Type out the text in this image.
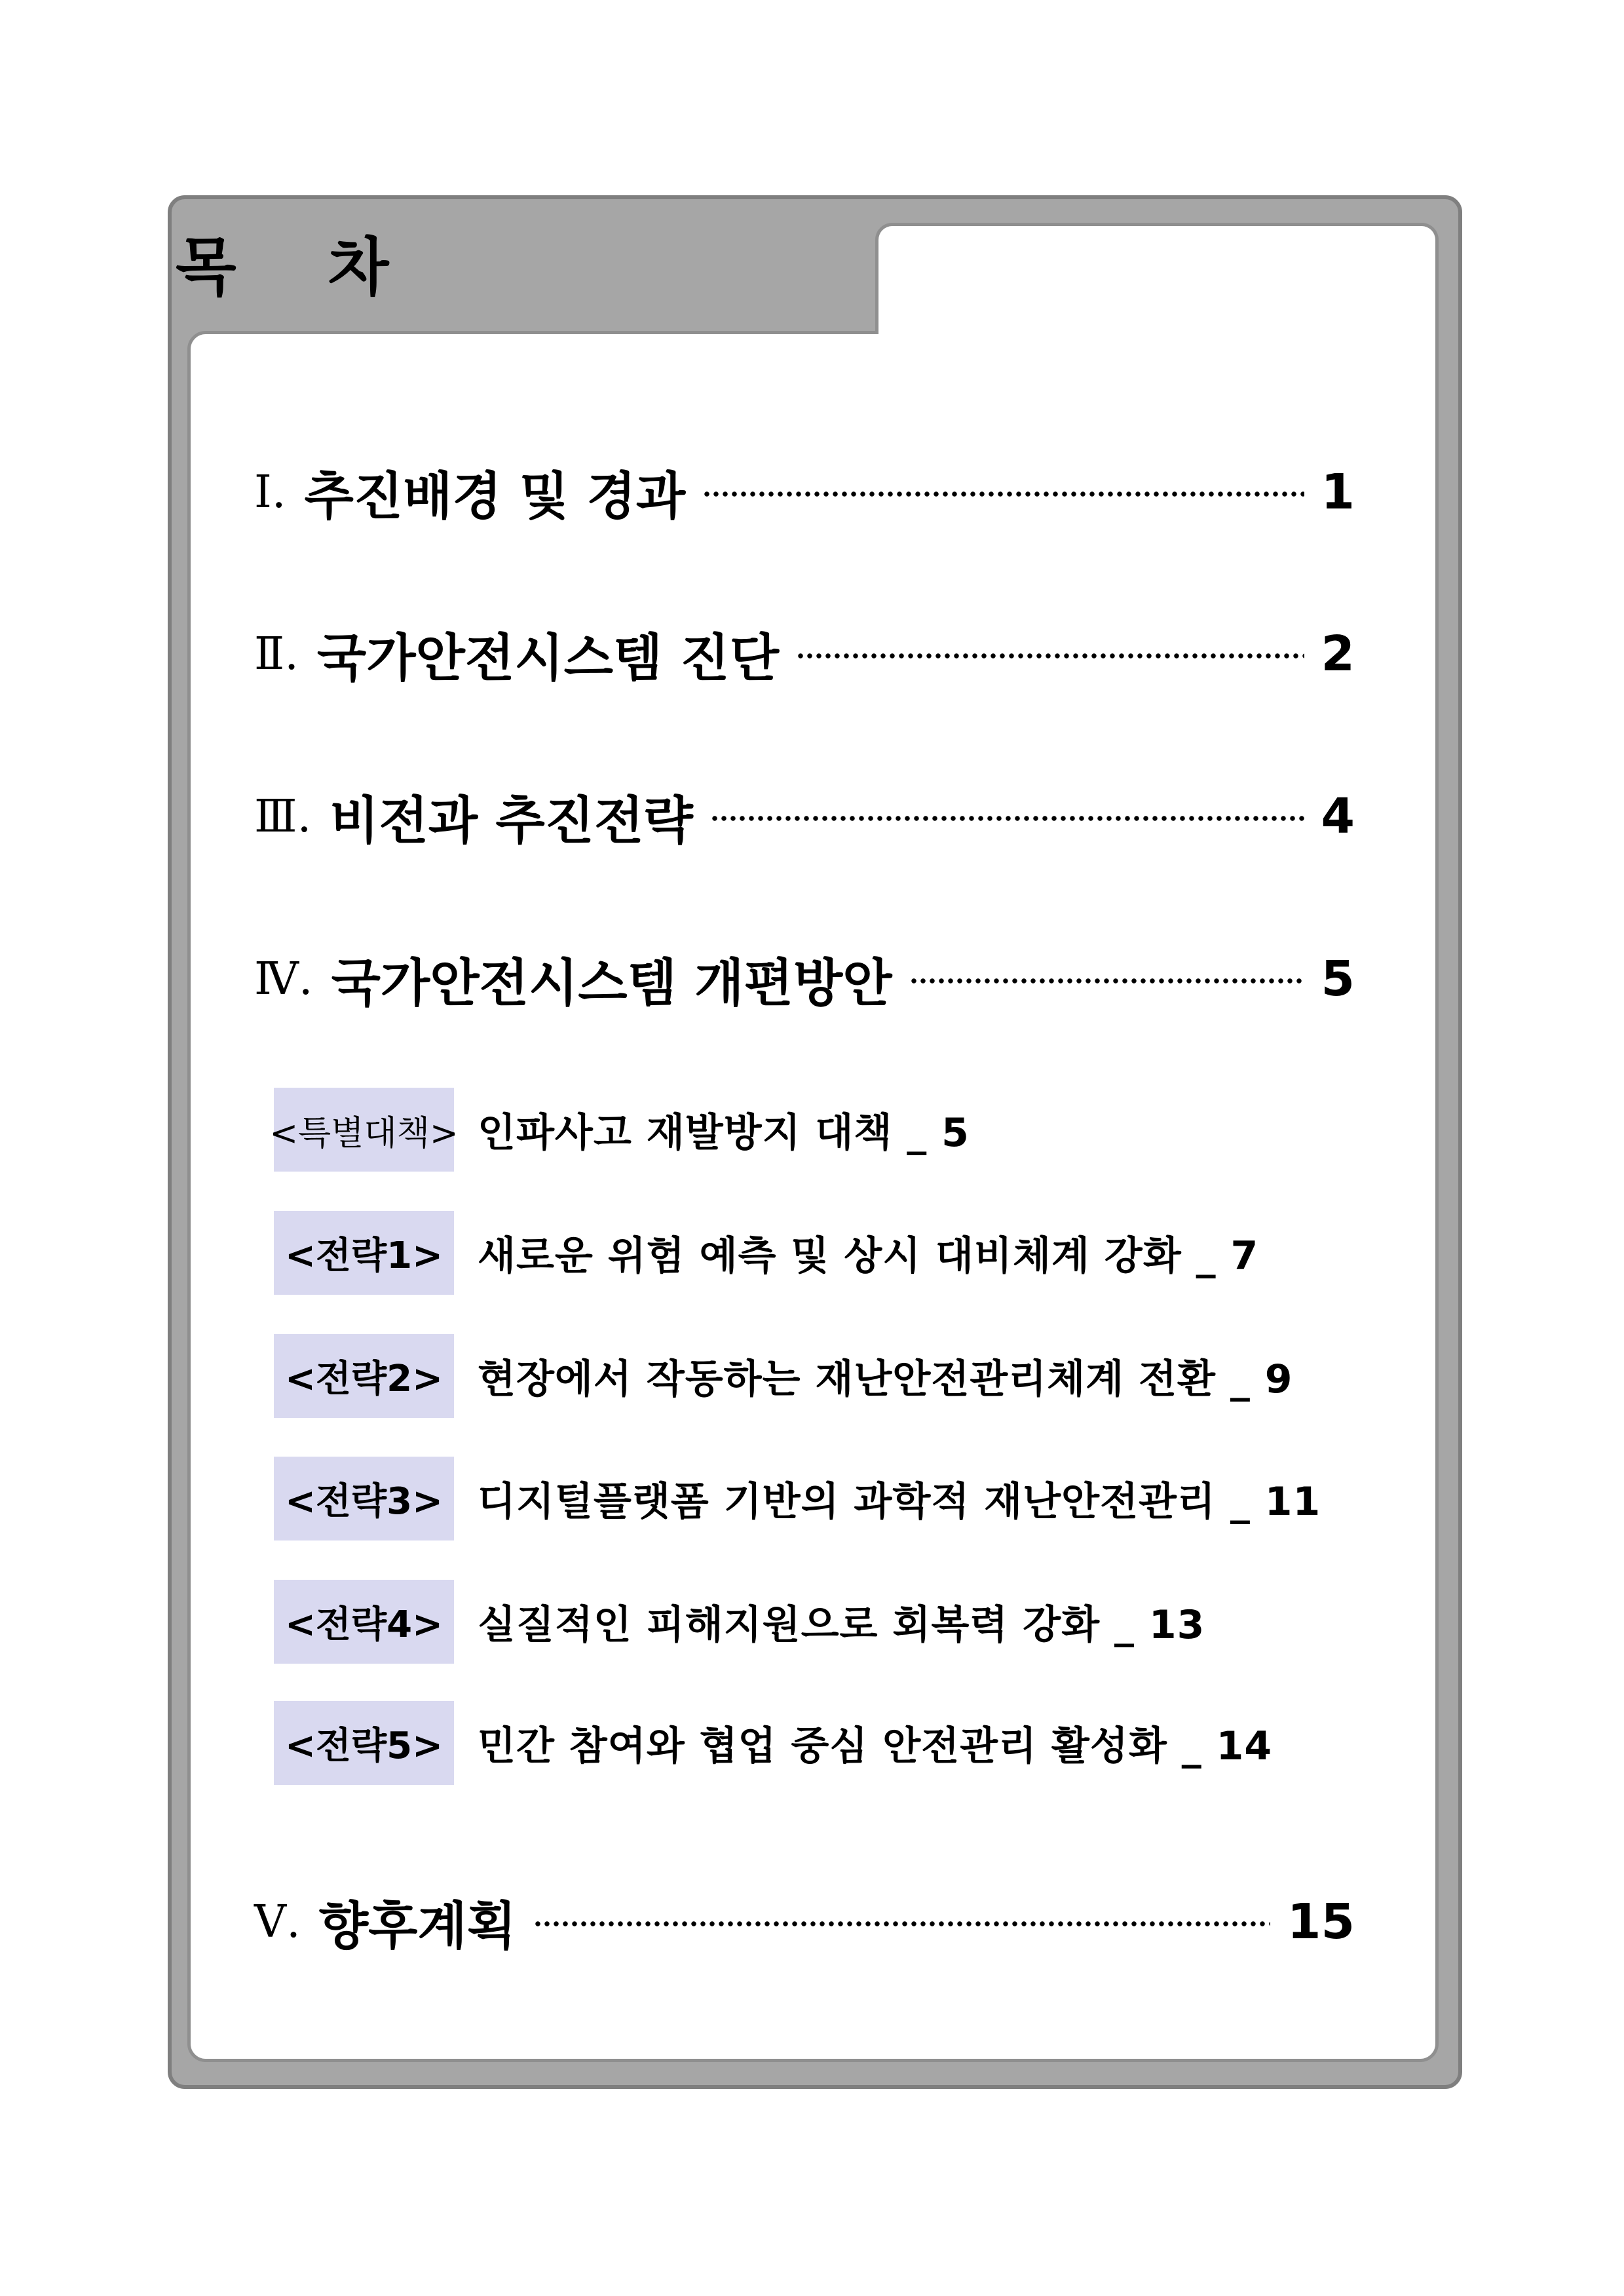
목 차
Ⅰ. 추진배경 및 경과	1
Ⅱ. 국가안전시스템 진단	2
Ⅲ. 비전과 추진전략	4
Ⅳ. 국가안전시스템 개편방안	5
<특별대책> 인파사고 재발방지 대책 _ 5
<전략1> 새로운 위험 예측 및 상시 대비체계 강화 _ 7
<전략2> 현장에서 작동하는 재난안전관리체계 전환 _ 9
<전략3> 디지털플랫폼 기반의 과학적 재난안전관리 _ 11
<전략4> 실질적인 피해지원으로 회복력 강화 _ 13
<전략5> 민간 참여와 협업 중심 안전관리 활성화 _ 14
Ⅴ. 향후계획	15
